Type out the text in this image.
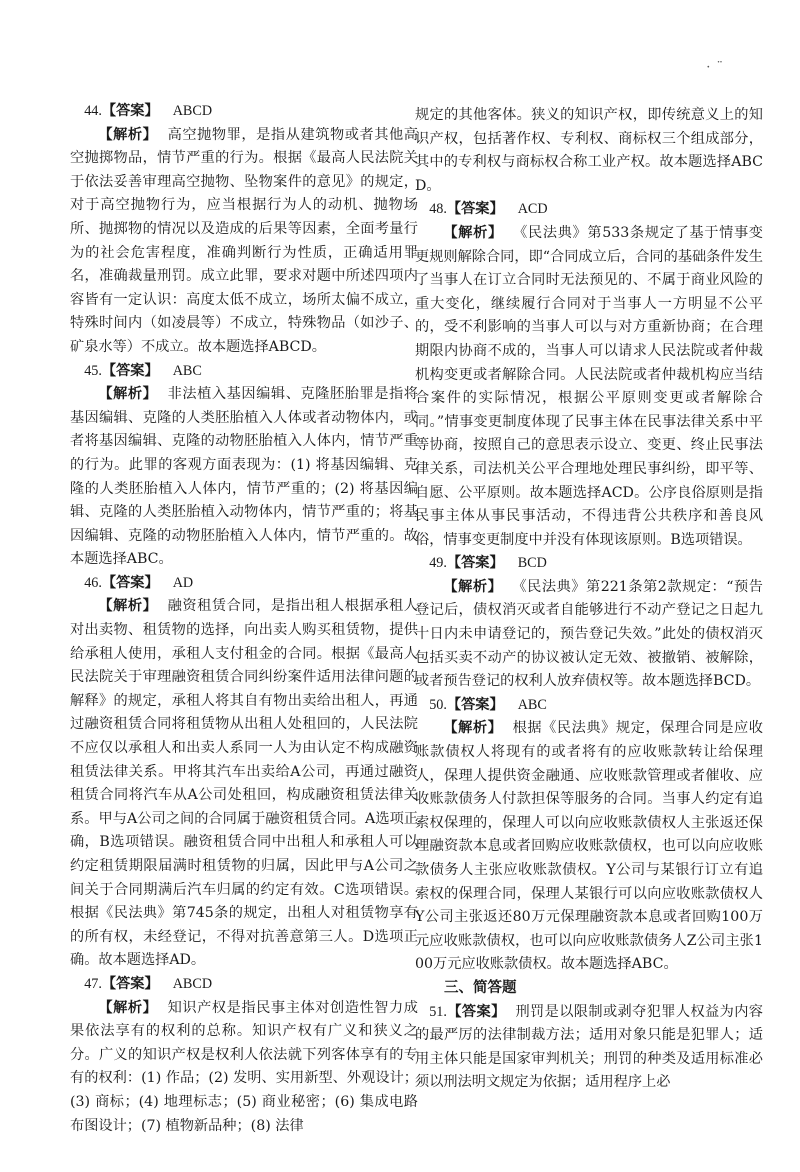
· ¨

44.【答案】 ABCD

【解析】 高空抛物罪，是指从建筑物或者其他高空抛掷物品，情节严重的行为。根据《最高人民法院关于依法妥善审理高空抛物、坠物案件的意见》的规定，对于高空抛物行为，应当根据行为人的动机、抛物场所、抛掷物的情况以及造成的后果等因素，全面考量行为的社会危害程度，准确判断行为性质，正确适用罪名，准确裁量刑罚。成立此罪，要求对题中所述四项内容皆有一定认识：高度太低不成立，场所太偏不成立，特殊时间内（如凌晨等）不成立，特殊物品（如沙子、矿泉水等）不成立。故本题选择ABCD。

45.【答案】 ABC

【解析】 非法植入基因编辑、克隆胚胎罪是指将基因编辑、克隆的人类胚胎植入人体或者动物体内，或者将基因编辑、克隆的动物胚胎植入人体内，情节严重的行为。此罪的客观方面表现为：(1) 将基因编辑、克隆的人类胚胎植入人体内，情节严重的；(2) 将基因编辑、克隆的人类胚胎植入动物体内，情节严重的；将基因编辑、克隆的动物胚胎植入人体内，情节严重的。故本题选择ABC。

46.【答案】 AD

【解析】 融资租赁合同，是指出租人根据承租人对出卖物、租赁物的选择，向出卖人购买租赁物，提供给承租人使用，承租人支付租金的合同。根据《最高人民法院关于审理融资租赁合同纠纷案件适用法律问题的解释》的规定，承租人将其自有物出卖给出租人，再通过融资租赁合同将租赁物从出租人处租回的，人民法院不应仅以承租人和出卖人系同一人为由认定不构成融资租赁法律关系。甲将其汽车出卖给A公司，再通过融资租赁合同将汽车从A公司处租回，构成融资租赁法律关系。甲与A公司之间的合同属于融资租赁合同。A选项正确，B选项错误。融资租赁合同中出租人和承租人可以约定租赁期限届满时租赁物的归属，因此甲与A公司之间关于合同期满后汽车归属的约定有效。C选项错误。根据《民法典》第745条的规定，出租人对租赁物享有的所有权，未经登记，不得对抗善意第三人。D选项正确。故本题选择AD。

47.【答案】 ABCD

【解析】 知识产权是指民事主体对创造性智力成果依法享有的权利的总称。知识产权有广义和狭义之分。广义的知识产权是权利人依法就下列客体享有的专有的权利：(1) 作品；(2) 发明、实用新型、外观设计；(3) 商标；(4) 地理标志；(5) 商业秘密；(6) 集成电路布图设计；(7) 植物新品种；(8) 法律

规定的其他客体。狭义的知识产权，即传统意义上的知识产权，包括著作权、专利权、商标权三个组成部分，其中的专利权与商标权合称工业产权。故本题选择ABCD。

48.【答案】 ACD

【解析】 《民法典》第533条规定了基于情事变更规则解除合同，即“合同成立后，合同的基础条件发生了当事人在订立合同时无法预见的、不属于商业风险的重大变化，继续履行合同对于当事人一方明显不公平的，受不利影响的当事人可以与对方重新协商；在合理期限内协商不成的，当事人可以请求人民法院或者仲裁机构变更或者解除合同。人民法院或者仲裁机构应当结合案件的实际情况，根据公平原则变更或者解除合同。”情事变更制度体现了民事主体在民事法律关系中平等协商，按照自己的意思表示设立、变更、终止民事法律关系，司法机关公平合理地处理民事纠纷，即平等、自愿、公平原则。故本题选择ACD。公序良俗原则是指民事主体从事民事活动，不得违背公共秩序和善良风俗，情事变更制度中并没有体现该原则。B选项错误。

49.【答案】 BCD

【解析】 《民法典》第221条第2款规定：“预告登记后，债权消灭或者自能够进行不动产登记之日起九十日内未申请登记的，预告登记失效。”此处的债权消灭包括买卖不动产的协议被认定无效、被撤销、被解除，或者预告登记的权利人放弃债权等。故本题选择BCD。

50.【答案】 ABC

【解析】 根据《民法典》规定，保理合同是应收账款债权人将现有的或者将有的应收账款转让给保理人，保理人提供资金融通、应收账款管理或者催收、应收账款债务人付款担保等服务的合同。当事人约定有追索权保理的，保理人可以向应收账款债权人主张返还保理融资款本息或者回购应收账款债权，也可以向应收账款债务人主张应收账款债权。Y公司与某银行订立有追索权的保理合同，保理人某银行可以向应收账款债权人Y公司主张返还80万元保理融资款本息或者回购100万元应收账款债权，也可以向应收账款债务人Z公司主张100万元应收账款债权。故本题选择ABC。

三、简答题

51.【答案】 刑罚是以限制或剥夺犯罪人权益为内容的最严厉的法律制裁方法；适用对象只能是犯罪人；适用主体只能是国家审判机关；刑罚的种类及适用标准必须以刑法明文规定为依据；适用程序上必
